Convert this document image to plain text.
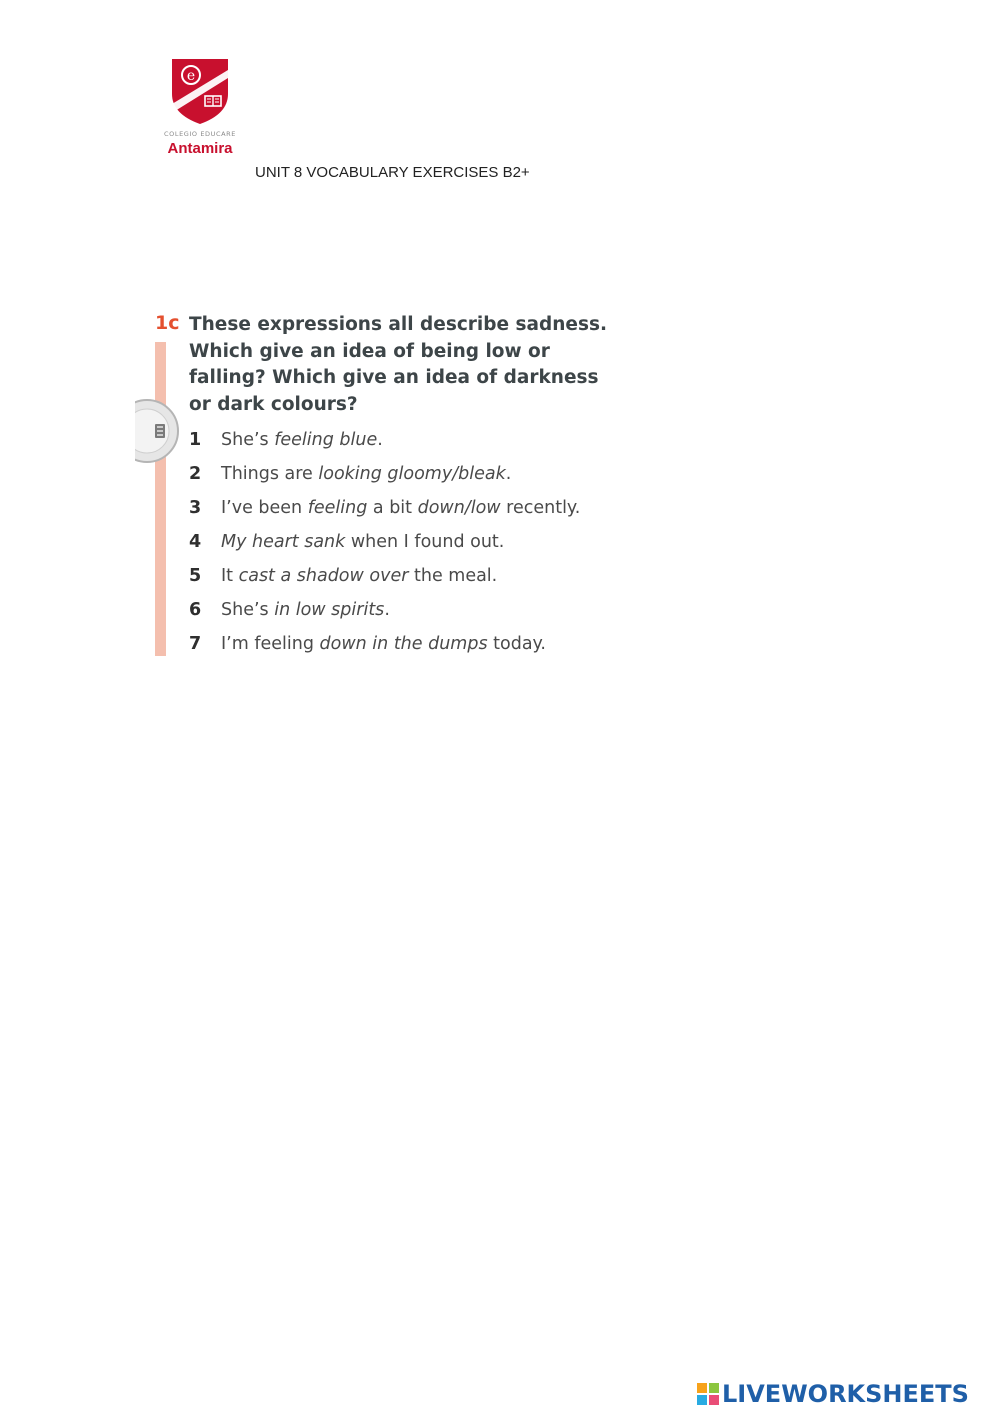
e
COLEGIO EDUCARE
Antamira
UNIT 8 VOCABULARY EXERCISES B2+
1c These expressions all describe sadness.
Which give an idea of being low or
falling? Which give an idea of darkness
or dark colours?
1 She’s feeling blue.
2 Things are looking gloomy/bleak.
3 I’ve been feeling a bit down/low recently.
4 My heart sank when I found out.
5 It cast a shadow over the meal.
6 She’s in low spirits.
7 I’m feeling down in the dumps today.
LIVEWORKSHEETS
